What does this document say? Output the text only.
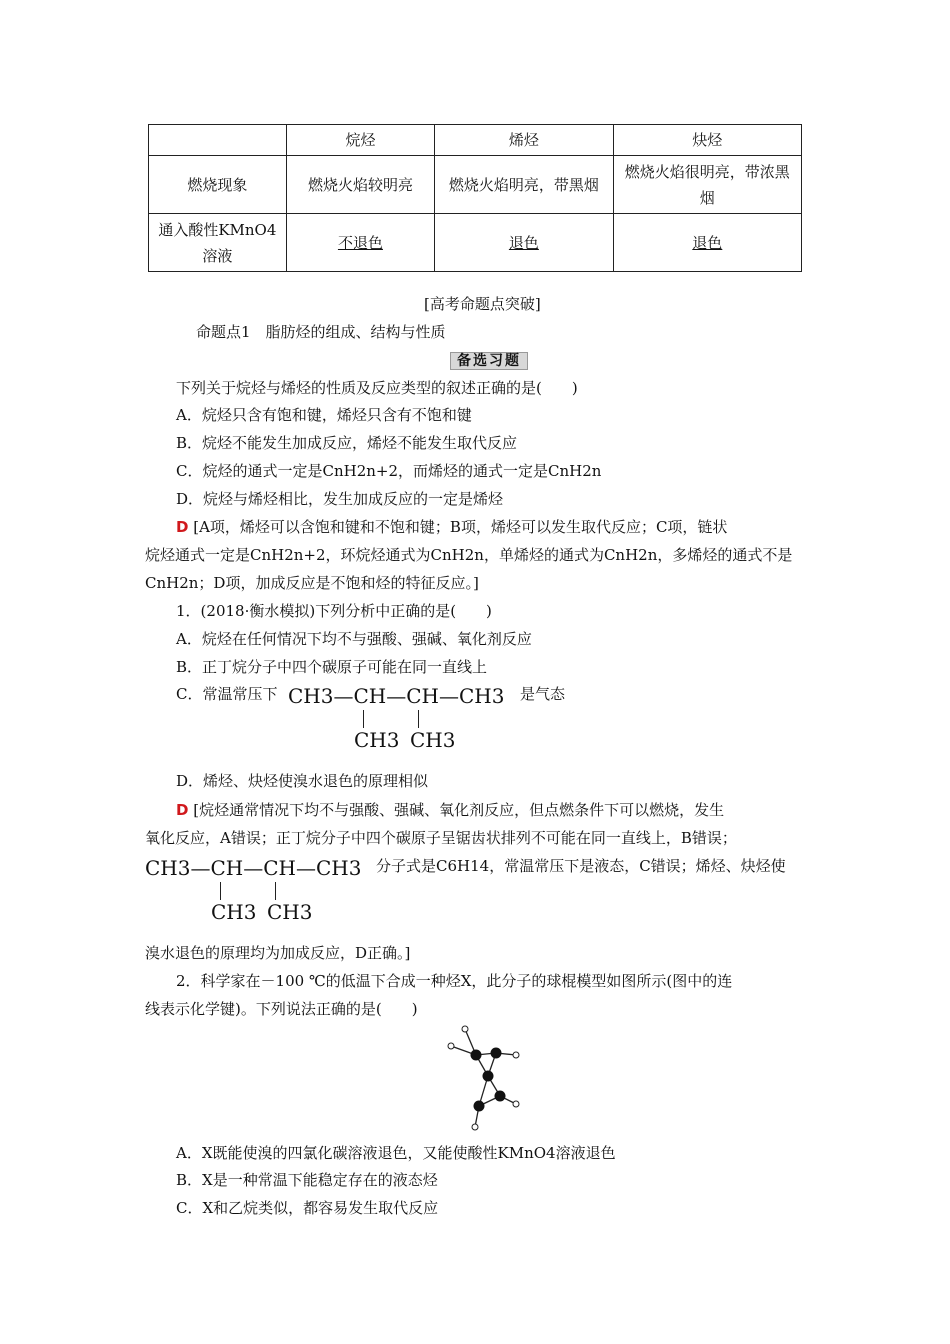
	烷烃	烯烃	炔烃
燃烧现象	燃烧火焰较明亮	燃烧火焰明亮，带黑烟	燃烧火焰很明亮，带浓黑烟
通入酸性KMnO4溶液	不退色	退色	退色
[高考命题点突破]
命题点1　脂肪烃的组成、结构与性质
备选习题
下列关于烷烃与烯烃的性质及反应类型的叙述正确的是(　　)
A．烷烃只含有饱和键，烯烃只含有不饱和键
B．烷烃不能发生加成反应，烯烃不能发生取代反应
C．烷烃的通式一定是CnH2n+2，而烯烃的通式一定是CnH2n
D．烷烃与烯烃相比，发生加成反应的一定是烯烃
D [A项，烯烃可以含饱和键和不饱和键；B项，烯烃可以发生取代反应；C项，链状
烷烃通式一定是CnH2n+2，环烷烃通式为CnH2n，单烯烃的通式为CnH2n，多烯烃的通式不是
CnH2n；D项，加成反应是不饱和烃的特征反应。]
1．(2018·衡水模拟)下列分析中正确的是(　　)
A．烷烃在任何情况下均不与强酸、强碱、氧化剂反应
B．正丁烷分子中四个碳原子可能在同一直线上
C．常温常压下 CH3—CH—CH—CH3
CH3 CH3
是气态
D．烯烃、炔烃使溴水退色的原理相似
D [烷烃通常情况下均不与强酸、强碱、氧化剂反应，但点燃条件下可以燃烧，发生
氧化反应，A错误；正丁烷分子中四个碳原子呈锯齿状排列不可能在同一直线上，B错误；
CH3—CH—CH—CH3
CH3 CH3
分子式是C6H14，常温常压下是液态，C错误；烯烃、炔烃使
溴水退色的原理均为加成反应，D正确。]
2．科学家在－100 ℃的低温下合成一种烃X，此分子的球棍模型如图所示(图中的连
线表示化学键)。下列说法正确的是(　　)
A．X既能使溴的四氯化碳溶液退色，又能使酸性KMnO4溶液退色
B．X是一种常温下能稳定存在的液态烃
C．X和乙烷类似，都容易发生取代反应
